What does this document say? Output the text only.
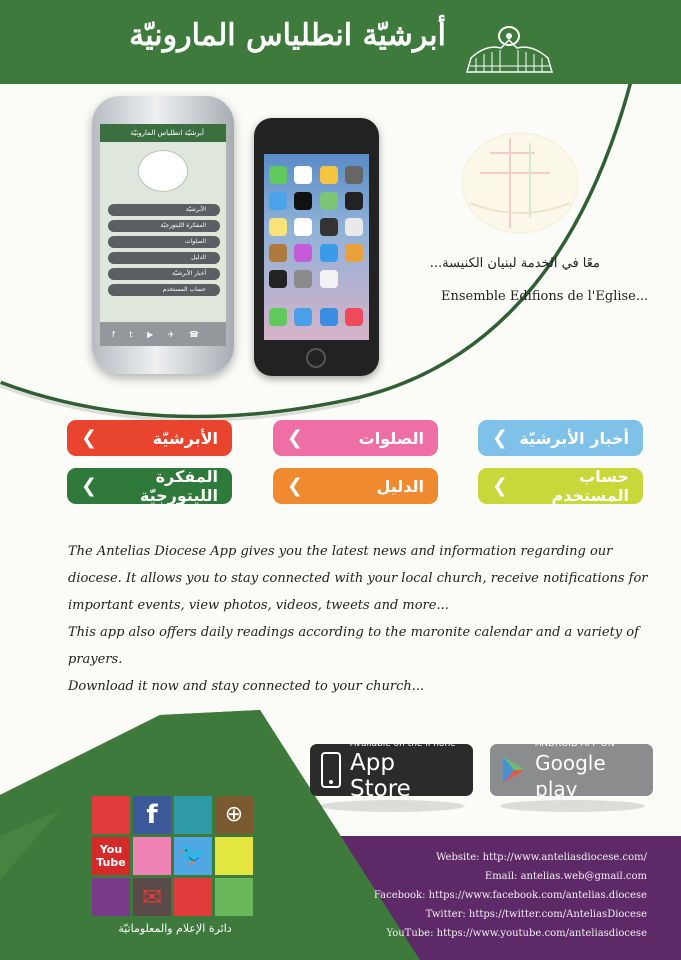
أبرشيّة انطلياس المارونيّة
معًا في الخدمة لبنيان الكنيسة...
Ensemble Edifions de l'Eglise...
أبرشيّة انطلياس المارونيّة
الأبرشيّة
المفكرة الليتورجيّة
الصلوات
الدليل
أخبار الأبرشيّة
حساب المستخدم
f t ▶ ✈ ☎
الأبرشيّة
❯	الصلوات
❯	أخبار الأبرشيّة
❯
المفكرة الليتورجيّة
❯	الدليل
❯	حساب المستخدم
❯
The Antelias Diocese App gives you the latest news and information regarding our diocese. It allows you to stay connected with your local church, receive notifications for important events, view photos, videos, tweets and more...
This app also offers daily readings according to the maronite calendar and a variety of prayers.
Download it now and stay connected to your church...
f	⊕
You
Tube 🐦
✉
دائرة الإعلام والمعلوماتيّة
Available on the iPhone
App Store
ANDROID APP ON
Google play
Website: http://www.anteliasdiocese.com/
Email: antelias.web@gmail.com
Facebook: https://www.facebook.com/antelias.diocese
Twitter: https://twitter.com/AnteliasDiocese
YouTube: https://www.youtube.com/anteliasdiocese
